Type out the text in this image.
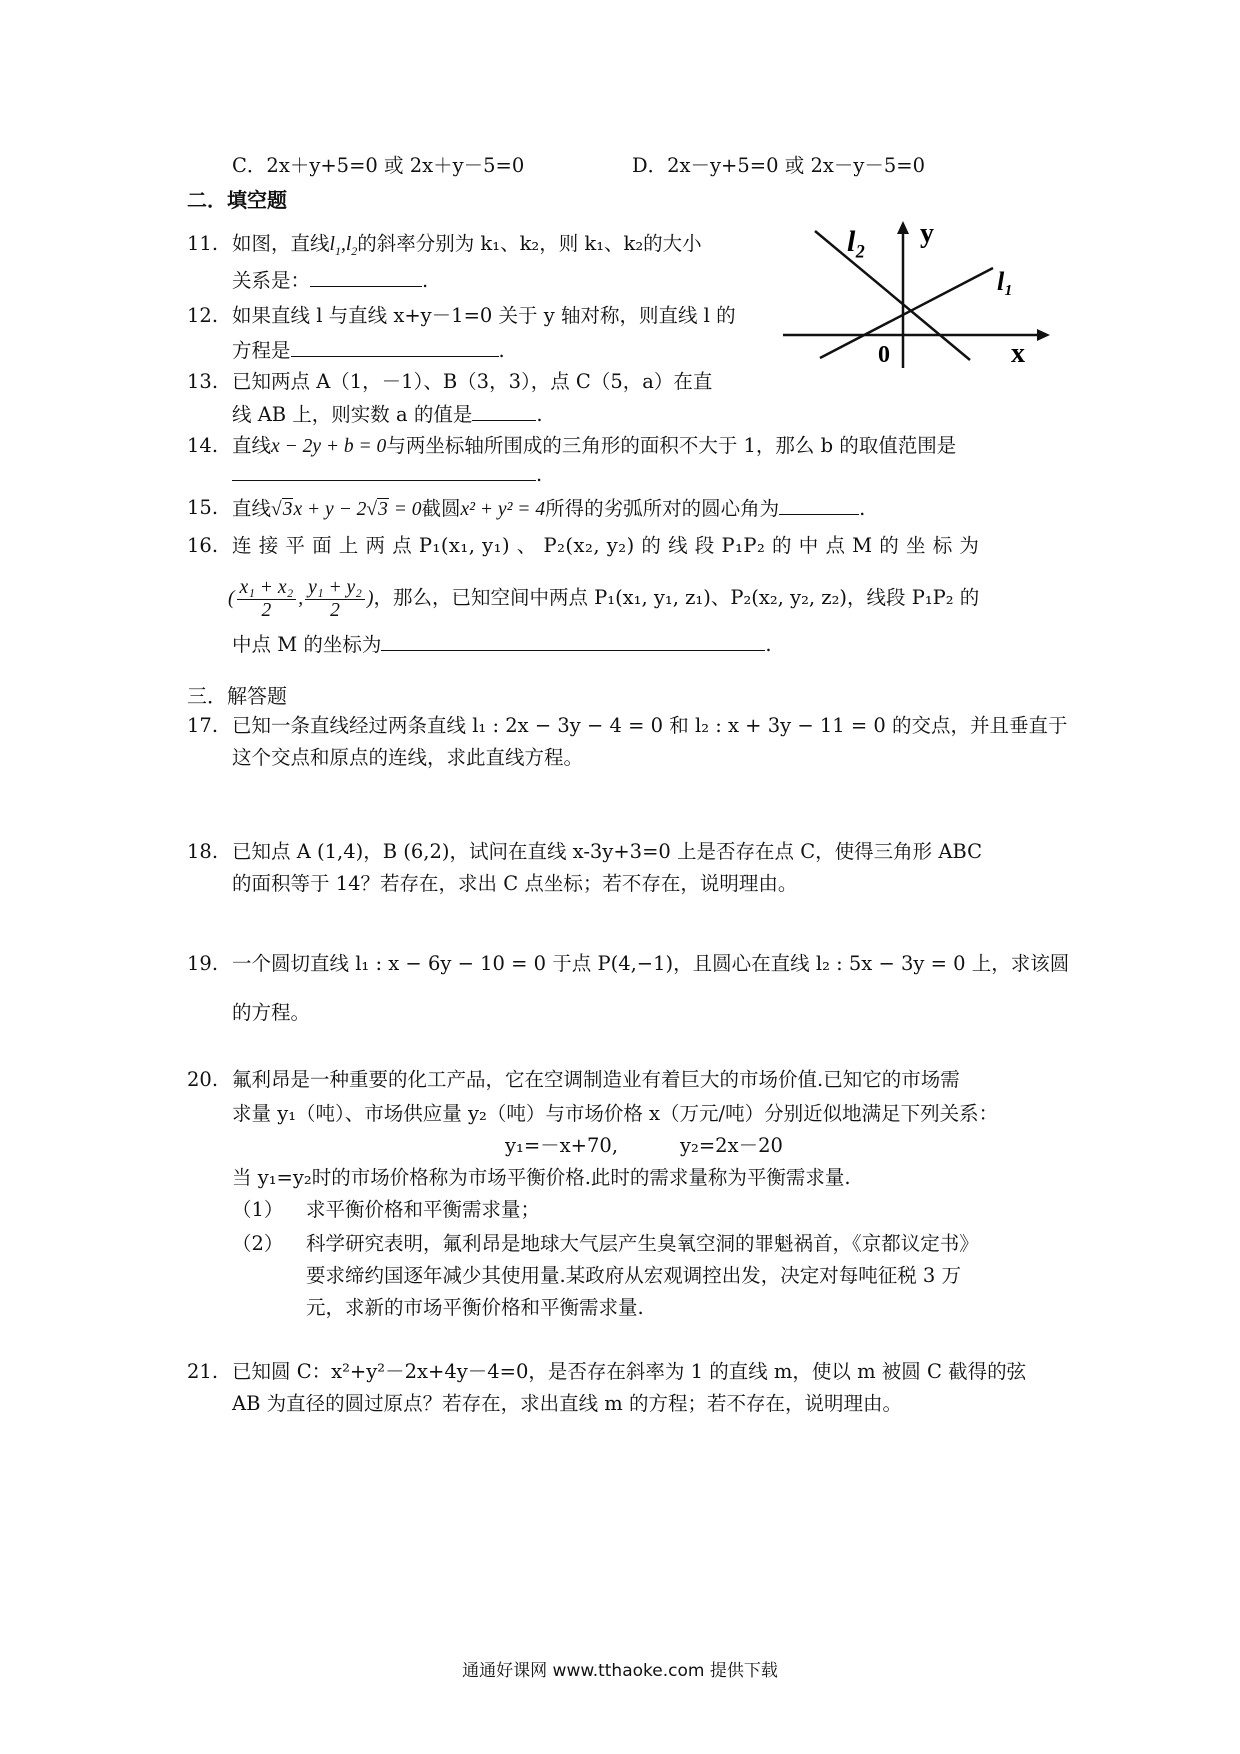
C．2x＋y+5=0 或 2x＋y－5=0	D．2x－y+5=0 或 2x－y－5=0
二．填空题
11. 如图，直线$l_1,l_2$的斜率分别为 k₁、k₂，则 k₁、k₂的大小
关系是：	.
l₂ y
l₁
0	x
12. 如果直线 l 与直线 x+y－1=0 关于 y 轴对称，则直线 l 的
方程是	.
13. 已知两点 A（1，－1）、B（3，3），点 C（5，a）在直
线 AB 上，则实数 a 的值是	.
14. 直线x − 2y + b = 0与两坐标轴所围成的三角形的面积不大于 1，那么 b 的取值范围是
.
15. 直线√3x + y − 2√3 = 0截圆x² + y² = 4所得的劣弧所对的圆心角为	.
16. 连 接 平 面 上 两 点 P₁(x₁, y₁) 、 P₂(x₂, y₂) 的 线 段 P₁P₂ 的 中 点 M 的 坐 标 为
( $\frac{\text{x₁ + x₂}}{2}$ , $\frac{\text{y₁ + y₂}}{2}$ )，那么，已知空间中两点 P₁(x₁, y₁, z₁)、P₂(x₂, y₂, z₂)，线段 P₁P₂ 的
中点 M 的坐标为	.
三．解答题
17. 已知一条直线经过两条直线 l₁ : 2x − 3y − 4 = 0 和 l₂ : x + 3y − 11 = 0 的交点，并且垂直于
这个交点和原点的连线，求此直线方程。
18. 已知点 A (1,4)，B (6,2)，试问在直线 x-3y+3=0 上是否存在点 C，使得三角形 ABC
的面积等于 14？若存在，求出 C 点坐标；若不存在，说明理由。
19. 一个圆切直线 l₁ : x − 6y − 10 = 0 于点 P(4,−1)，且圆心在直线 l₂ : 5x − 3y = 0 上，求该圆
的方程。
20. 氟利昂是一种重要的化工产品，它在空调制造业有着巨大的市场价值.已知它的市场需
求量 y₁（吨）、市场供应量 y₂（吨）与市场价格 x（万元/吨）分别近似地满足下列关系：
y₁=－x+70,	y₂=2x－20
当 y₁=y₂时的市场价格称为市场平衡价格.此时的需求量称为平衡需求量.
（1） 求平衡价格和平衡需求量；
（2） 科学研究表明，氟利昂是地球大气层产生臭氧空洞的罪魁祸首，《京都议定书》
要求缔约国逐年减少其使用量.某政府从宏观调控出发，决定对每吨征税 3 万
元，求新的市场平衡价格和平衡需求量.
21. 已知圆 C：x²+y²－2x+4y－4=0，是否存在斜率为 1 的直线 m，使以 m 被圆 C 截得的弦
AB 为直径的圆过原点？若存在，求出直线 m 的方程；若不存在，说明理由。
通通好课网 www.tthaoke.com 提供下载
